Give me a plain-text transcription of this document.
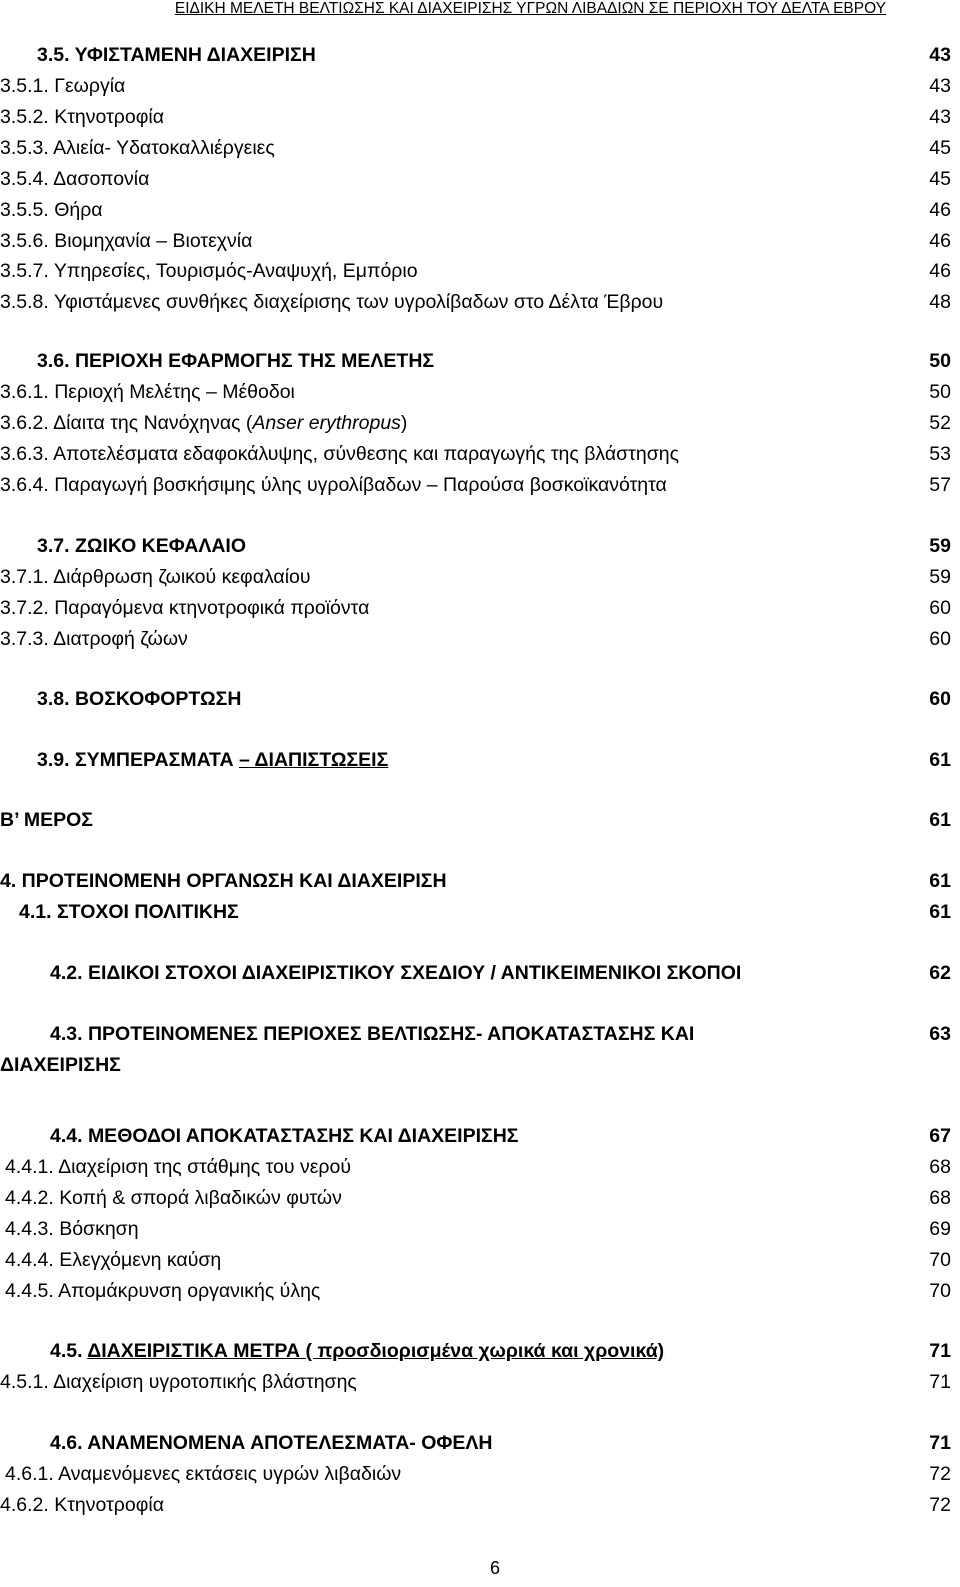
ΕΙΔΙΚΗ ΜΕΛΕΤΗ ΒΕΛΤΙΩΣΗΣ ΚΑΙ ΔΙΑΧΕΙΡΙΣΗΣ ΥΓΡΩΝ ΛΙΒΑΔΙΩΝ ΣΕ ΠΕΡΙΟΧΗ ΤΟΥ ΔΕΛΤΑ ΕΒΡΟΥ
3.5. ΥΦΙΣΤΑΜΕΝΗ ΔΙΑΧΕΙΡΙΣΗ	43
3.5.1. Γεωργία	43
3.5.2. Κτηνοτροφία	43
3.5.3. Αλιεία- Υδατοκαλλιέργειες	45
3.5.4. Δασοπονία	45
3.5.5. Θήρα	46
3.5.6. Βιομηχανία – Βιοτεχνία	46
3.5.7. Υπηρεσίες, Τουρισμός-Αναψυχή, Εμπόριο	46
3.5.8. Υφιστάμενες συνθήκες διαχείρισης των υγρολίβαδων στο Δέλτα Έβρου	48
3.6. ΠΕΡΙΟΧΗ ΕΦΑΡΜΟΓΗΣ ΤΗΣ ΜΕΛΕΤΗΣ	50
3.6.1. Περιοχή Μελέτης – Μέθοδοι	50
3.6.2. Δίαιτα της Νανόχηνας (Anser erythropus)	52
3.6.3. Αποτελέσματα εδαφοκάλυψης, σύνθεσης και παραγωγής της βλάστησης	53
3.6.4. Παραγωγή βοσκήσιμης ύλης υγρολίβαδων – Παρούσα βοσκοϊκανότητα	57
3.7. ΖΩΙΚΟ ΚΕΦΑΛΑΙΟ	59
3.7.1. Διάρθρωση ζωικού κεφαλαίου	59
3.7.2. Παραγόμενα κτηνοτροφικά προϊόντα	60
3.7.3. Διατροφή ζώων	60
3.8. ΒΟΣΚΟΦΟΡΤΩΣΗ	60
3.9. ΣΥΜΠΕΡΑΣΜΑΤΑ – ΔΙΑΠΙΣΤΩΣΕΙΣ	61
Β’ ΜΕΡΟΣ	61
4. ΠΡΟΤΕΙΝΟΜΕΝΗ ΟΡΓΑΝΩΣΗ ΚΑΙ ΔΙΑΧΕΙΡΙΣΗ	61
4.1. ΣΤΟΧΟΙ ΠΟΛΙΤΙΚΗΣ	61
4.2. ΕΙΔΙΚΟΙ ΣΤΟΧΟΙ ΔΙΑΧΕΙΡΙΣΤΙΚΟΥ ΣΧΕΔΙΟΥ / ΑΝΤΙΚΕΙΜΕΝΙΚΟΙ ΣΚΟΠΟΙ	62
4.3. ΠΡΟΤΕΙΝΟΜΕΝΕΣ ΠΕΡΙΟΧΕΣ ΒΕΛΤΙΩΣΗΣ- ΑΠΟΚΑΤΑΣΤΑΣΗΣ ΚΑΙ	63
ΔΙΑΧΕΙΡΙΣΗΣ
4.4. ΜΕΘΟΔΟΙ ΑΠΟΚΑΤΑΣΤΑΣΗΣ ΚΑΙ ΔΙΑΧΕΙΡΙΣΗΣ	67
4.4.1. Διαχείριση της στάθμης του νερού	68
4.4.2. Κοπή & σπορά λιβαδικών φυτών	68
4.4.3. Βόσκηση	69
4.4.4. Ελεγχόμενη καύση	70
4.4.5. Απομάκρυνση οργανικής ύλης	70
4.5. ΔΙΑΧΕΙΡΙΣΤΙΚΑ ΜΕΤΡΑ ( προσδιορισμένα χωρικά και χρονικά)	71
4.5.1. Διαχείριση υγροτοπικής βλάστησης	71
4.6. ΑΝΑΜΕΝΟΜΕΝΑ ΑΠΟΤΕΛΕΣΜΑΤΑ- ΟΦΕΛΗ	71
4.6.1. Αναμενόμενες εκτάσεις υγρών λιβαδιών	72
4.6.2. Κτηνοτροφία	72
6
